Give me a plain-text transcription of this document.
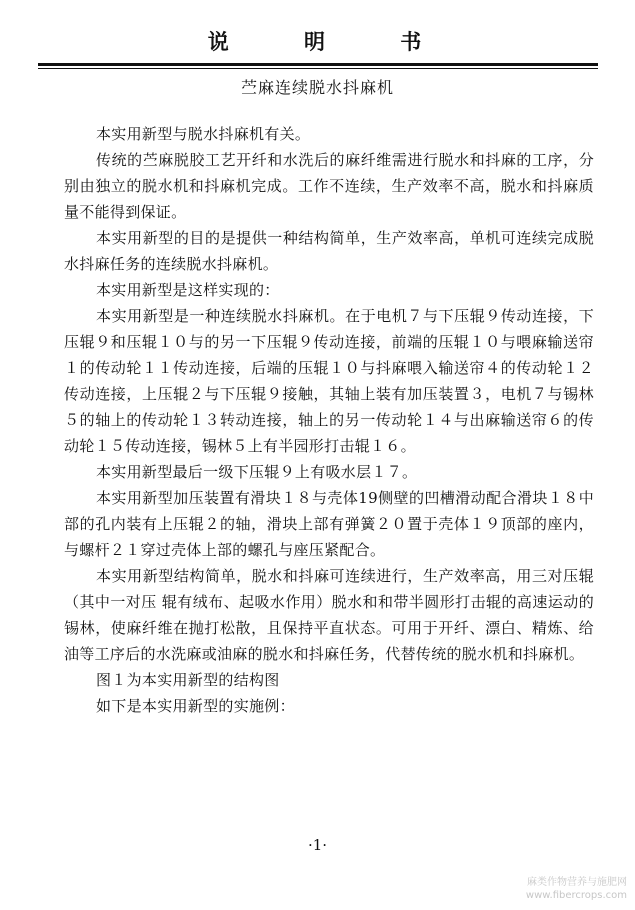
说 明 书
苎麻连续脱水抖麻机

本实用新型与脱水抖麻机有关。

传统的苎麻脱胶工艺开纤和水洗后的麻纤维需进行脱水和抖麻的工序，分别由独立的脱水机和抖麻机完成。工作不连续，生产效率不高，脱水和抖麻质量不能得到保证。

本实用新型的目的是提供一种结构简单，生产效率高，单机可连续完成脱水抖麻任务的连续脱水抖麻机。

本实用新型是这样实现的：

本实用新型是一种连续脱水抖麻机。在于电机７与下压辊９传动连接，下压辊９和压辊１０与的另一下压辊９传动连接，前端的压辊１０与喂麻输送帘１的传动轮１１传动连接，后端的压辊１０与抖麻喂入输送帘４的传动轮１２传动连接，上压辊２与下压辊９接触，其轴上装有加压装置３，电机７与锡林５的轴上的传动轮１３转动连接，轴上的另一传动轮１４与出麻输送帘６的传动轮１５传动连接，锡林５上有半园形打击辊１６。

本实用新型最后一级下压辊９上有吸水层１７。

本实用新型加压装置有滑块１８与壳体19侧壁的凹槽滑动配合滑块１８中部的孔内装有上压辊２的轴，滑块上部有弹簧２０置于壳体１９顶部的座内，与螺杆２１穿过壳体上部的螺孔与座压紧配合。

本实用新型结构简单，脱水和抖麻可连续进行，生产效率高，用三对压辊（其中一对压 辊有绒布、起吸水作用）脱水和和带半圆形打击辊的高速运动的锡林，使麻纤维在抛打松散，且保持平直状态。可用于开纤、漂白、精炼、给油等工序后的水洗麻或油麻的脱水和抖麻任务，代替传统的脱水机和抖麻机。

图１为本实用新型的结构图

如下是本实用新型的实施例：

·1·
麻类作物营养与施肥网
www.fibercrops.com
